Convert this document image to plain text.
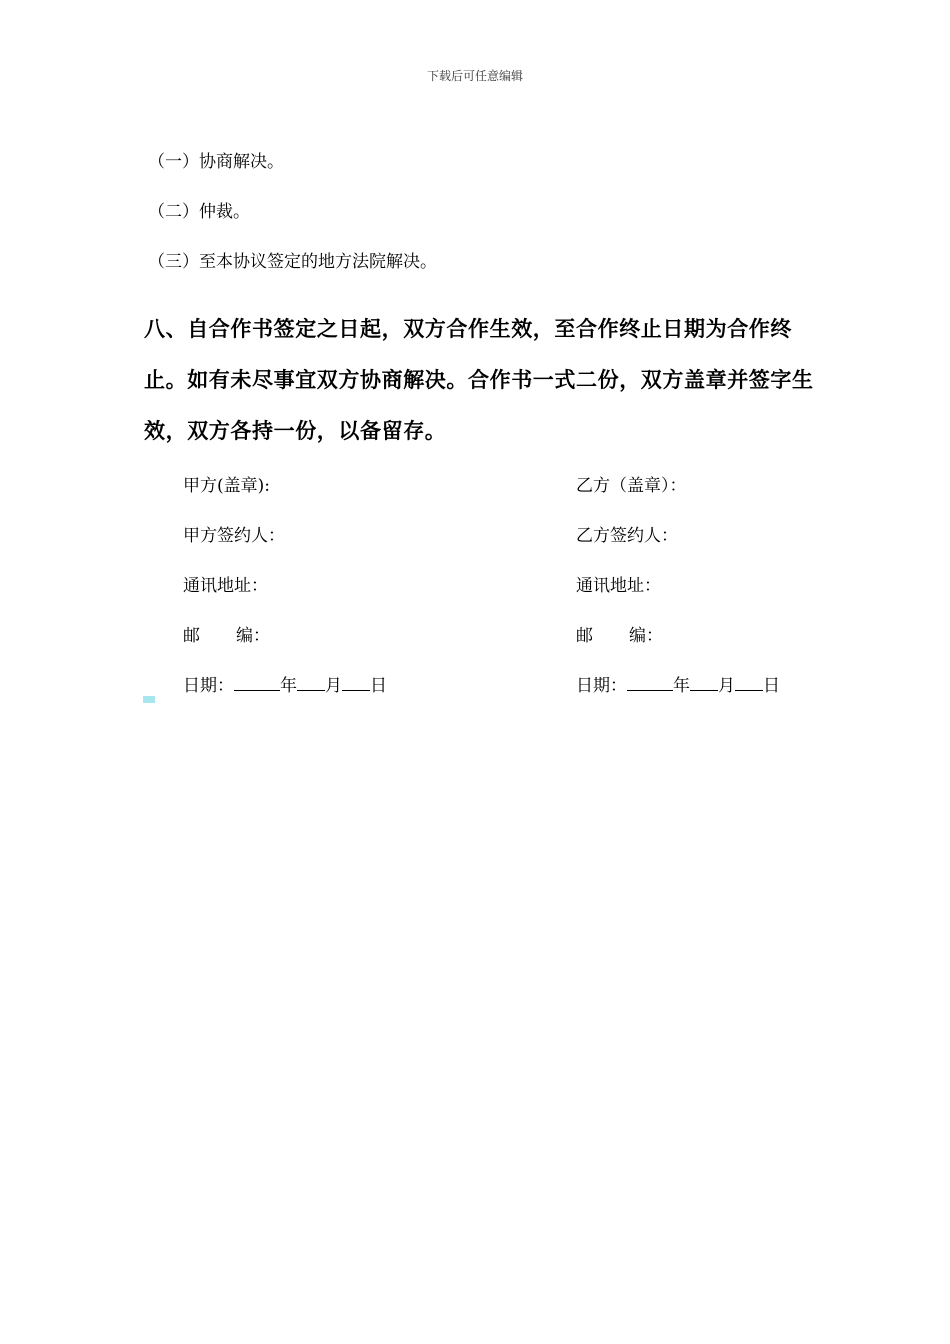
下载后可任意编辑
（一）协商解决。
（二）仲裁。
（三）至本协议签定的地方法院解决。
八、自合作书签定之日起，双方合作生效，至合作终止日期为合作终止。如有未尽事宜双方协商解决。合作书一式二份，双方盖章并签字生效，双方各持一份，以备留存。
甲方(盖章):
甲方签约人：
通讯地址：
邮 编：
日期：	年 月 日
乙方（盖章）：
乙方签约人：
通讯地址：
邮 编：
日期：	年 月 日
